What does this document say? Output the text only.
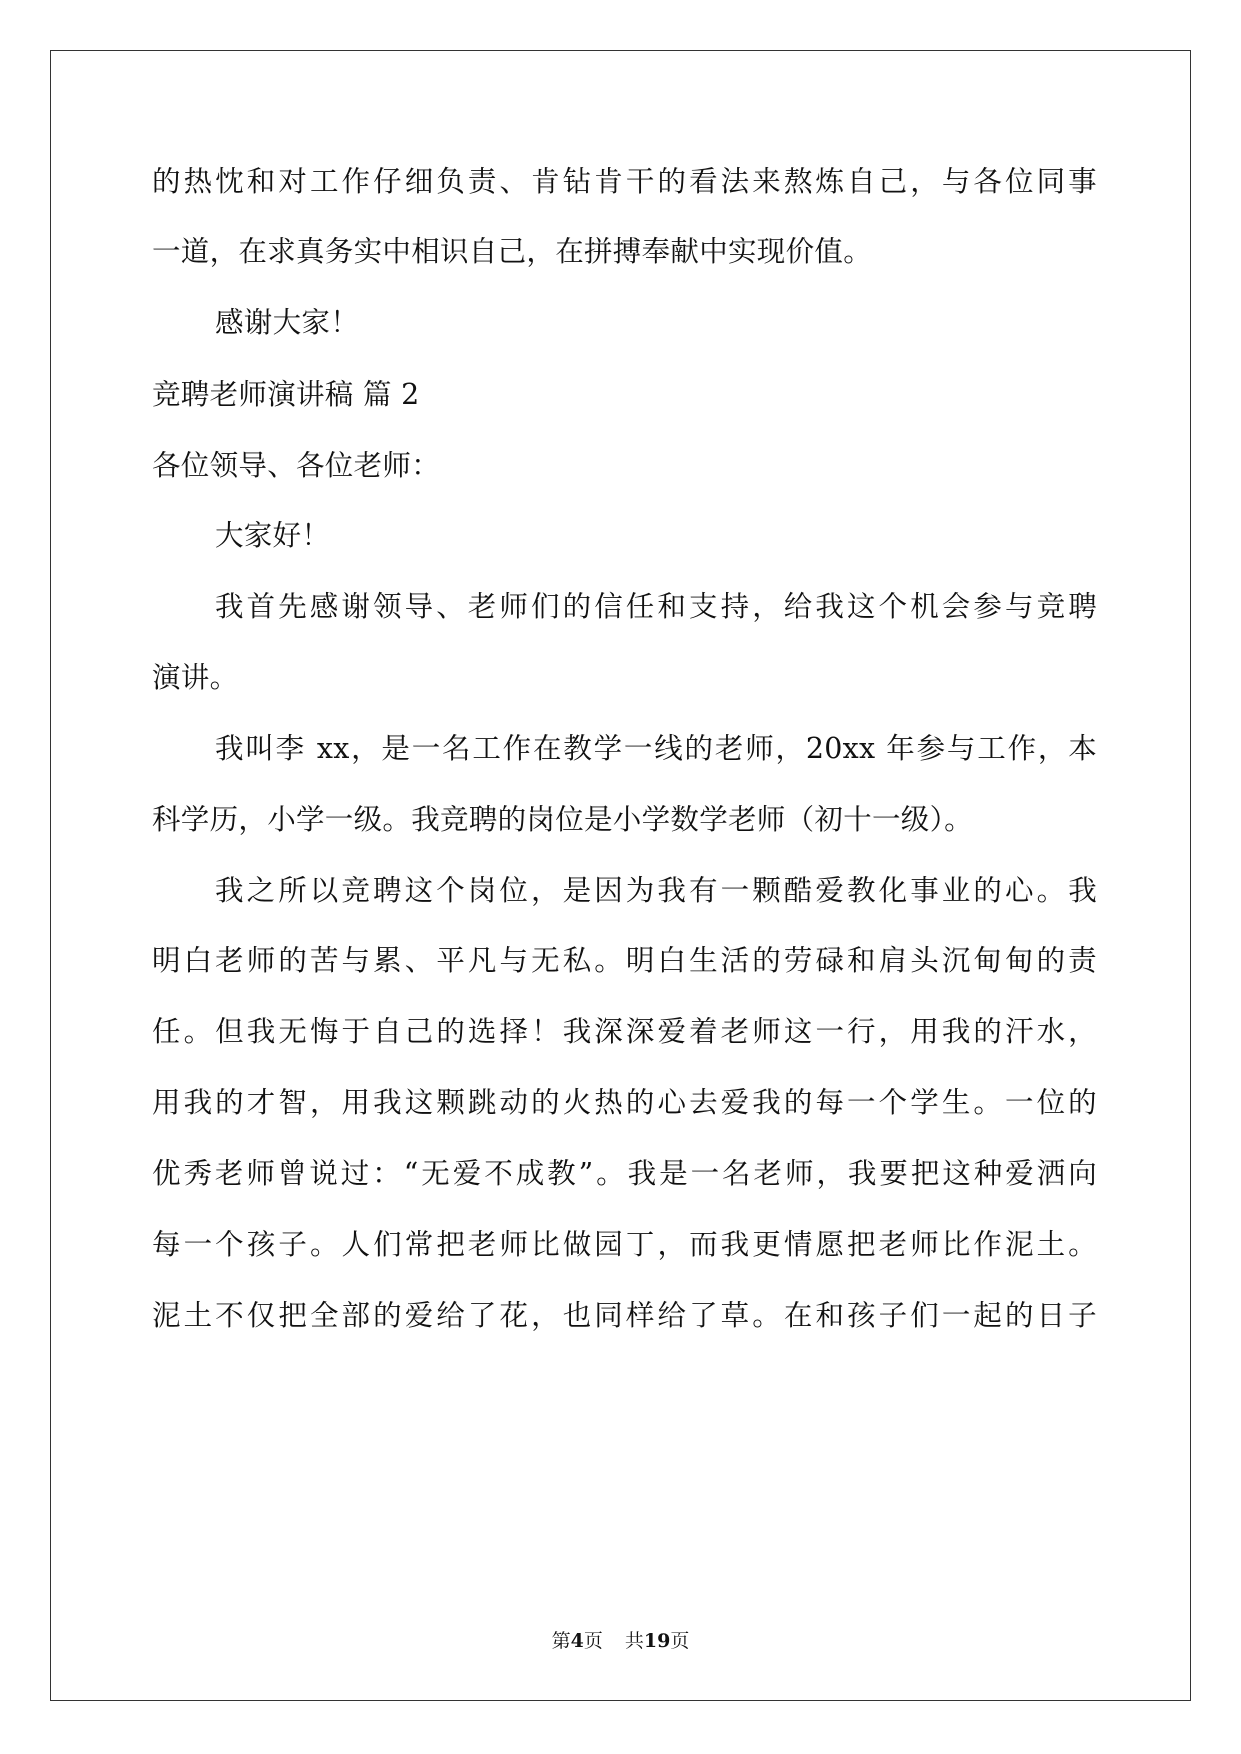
的热忱和对工作仔细负责、肯钻肯干的看法来熬炼自己，与各位同事
一道，在求真务实中相识自己，在拼搏奉献中实现价值。
感谢大家！
竞聘老师演讲稿 篇 2
各位领导、各位老师：
大家好！
我首先感谢领导、老师们的信任和支持，给我这个机会参与竞聘
演讲。
我叫李 xx，是一名工作在教学一线的老师，20xx 年参与工作，本
科学历，小学一级。我竞聘的岗位是小学数学老师（初十一级）。
我之所以竞聘这个岗位，是因为我有一颗酷爱教化事业的心。我
明白老师的苦与累、平凡与无私。明白生活的劳碌和肩头沉甸甸的责
任。但我无悔于自己的选择！我深深爱着老师这一行，用我的汗水，
用我的才智，用我这颗跳动的火热的心去爱我的每一个学生。一位的
优秀老师曾说过：“无爱不成教”。我是一名老师，我要把这种爱洒向
每一个孩子。人们常把老师比做园丁，而我更情愿把老师比作泥土。
泥土不仅把全部的爱给了花，也同样给了草。在和孩子们一起的日子
第4页 共19页
